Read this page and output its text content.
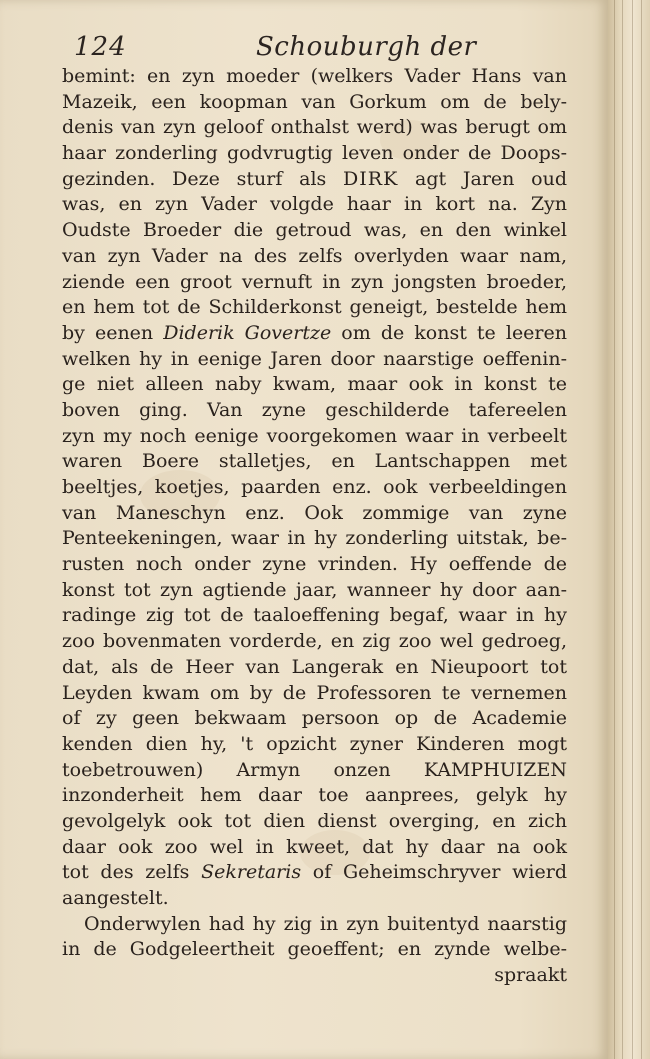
124	Schouburgh der
bemint: en zyn moeder (welkers Vader Hans van
Mazeik, een koopman van Gorkum om de bely-
denis van zyn geloof onthalst werd) was berugt om
haar zonderling godvrugtig leven onder de Doops-
gezinden. Deze sturf als DIRK agt Jaren oud
was, en zyn Vader volgde haar in kort na. Zyn
Oudste Broeder die getroud was, en den winkel
van zyn Vader na des zelfs overlyden waar nam,
ziende een groot vernuft in zyn jongsten broeder,
en hem tot de Schilderkonst geneigt, bestelde hem
by eenen Diderik Govertze om de konst te leeren
welken hy in eenige Jaren door naarstige oeffenin-
ge niet alleen naby kwam, maar ook in konst te
boven ging. Van zyne geschilderde tafereelen
zyn my noch eenige voorgekomen waar in verbeelt
waren Boere stalletjes, en Lantschappen met
beeltjes, koetjes, paarden enz. ook verbeeldingen
van Maneschyn enz. Ook zommige van zyne
Penteekeningen, waar in hy zonderling uitstak, be-
rusten noch onder zyne vrinden. Hy oeffende de
konst tot zyn agtiende jaar, wanneer hy door aan-
radinge zig tot de taaloeffening begaf, waar in hy
zoo bovenmaten vorderde, en zig zoo wel gedroeg,
dat, als de Heer van Langerak en Nieupoort tot
Leyden kwam om by de Professoren te vernemen
of zy geen bekwaam persoon op de Academie
kenden dien hy, 't opzicht zyner Kinderen mogt
toebetrouwen) Armyn onzen KAMPHUIZEN
inzonderheit hem daar toe aanprees, gelyk hy
gevolgelyk ook tot dien dienst overging, en zich
daar ook zoo wel in kweet, dat hy daar na ook
tot des zelfs Sekretaris of Geheimschryver wierd
aangestelt.
Onderwylen had hy zig in zyn buitentyd naarstig
in de Godgeleertheit geoeffent; en zynde welbe-
spraakt
